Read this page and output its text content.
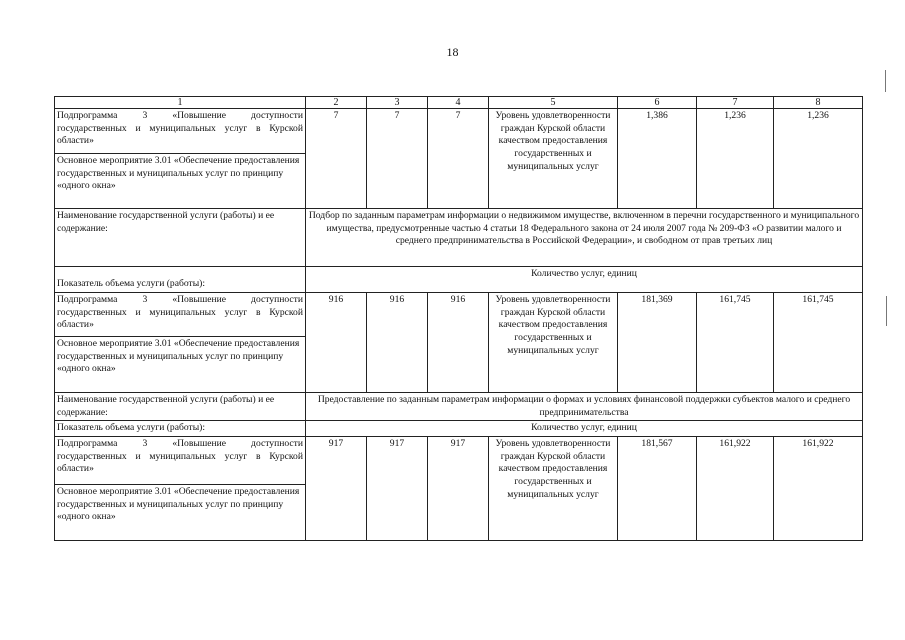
18
1	2	3	4	5	6	7	8
Подпрограмма 3 «Повышение доступности государственных и муниципальных услуг в Курской области»	7	7	7	Уровень удовлетворенности граждан Курской области качеством предоставления государственных и муниципальных услуг	1,386	1,236	1,236
Основное мероприятие 3.01 «Обеспечение предоставления государственных и муниципальных услуг по принципу «одного окна»							
Наименование государственной услуги (работы) и ее содержание:	Подбор по заданным параметрам информации о недвижимом имуществе, включенном в перечни государственного и муниципального имущества, предусмотренные частью 4 статьи 18 Федерального закона от 24 июля 2007 года № 209-ФЗ «О развитии малого и среднего предпринимательства в Российской Федерации», и свободном от прав третьих лиц						
Показатель объема услуги (работы):	Количество услуг, единиц						
Подпрограмма 3 «Повышение доступности государственных и муниципальных услуг в Курской области»	916	916	916	Уровень удовлетворенности граждан Курской области качеством предоставления государственных и муниципальных услуг	181,369	161,745	161,745
Основное мероприятие 3.01 «Обеспечение предоставления государственных и муниципальных услуг по принципу «одного окна»							
Наименование государственной услуги (работы) и ее содержание:	Предоставление по заданным параметрам информации о формах и условиях финансовой поддержки субъектов малого и среднего предпринимательства						
Показатель объема услуги (работы):	Количество услуг, единиц						
Подпрограмма 3 «Повышение доступности государственных и муниципальных услуг в Курской области»	917	917	917	Уровень удовлетворенности граждан Курской области качеством предоставления государственных и муниципальных услуг	181,567	161,922	161,922
Основное мероприятие 3.01 «Обеспечение предоставления государственных и муниципальных услуг по принципу «одного окна»							
